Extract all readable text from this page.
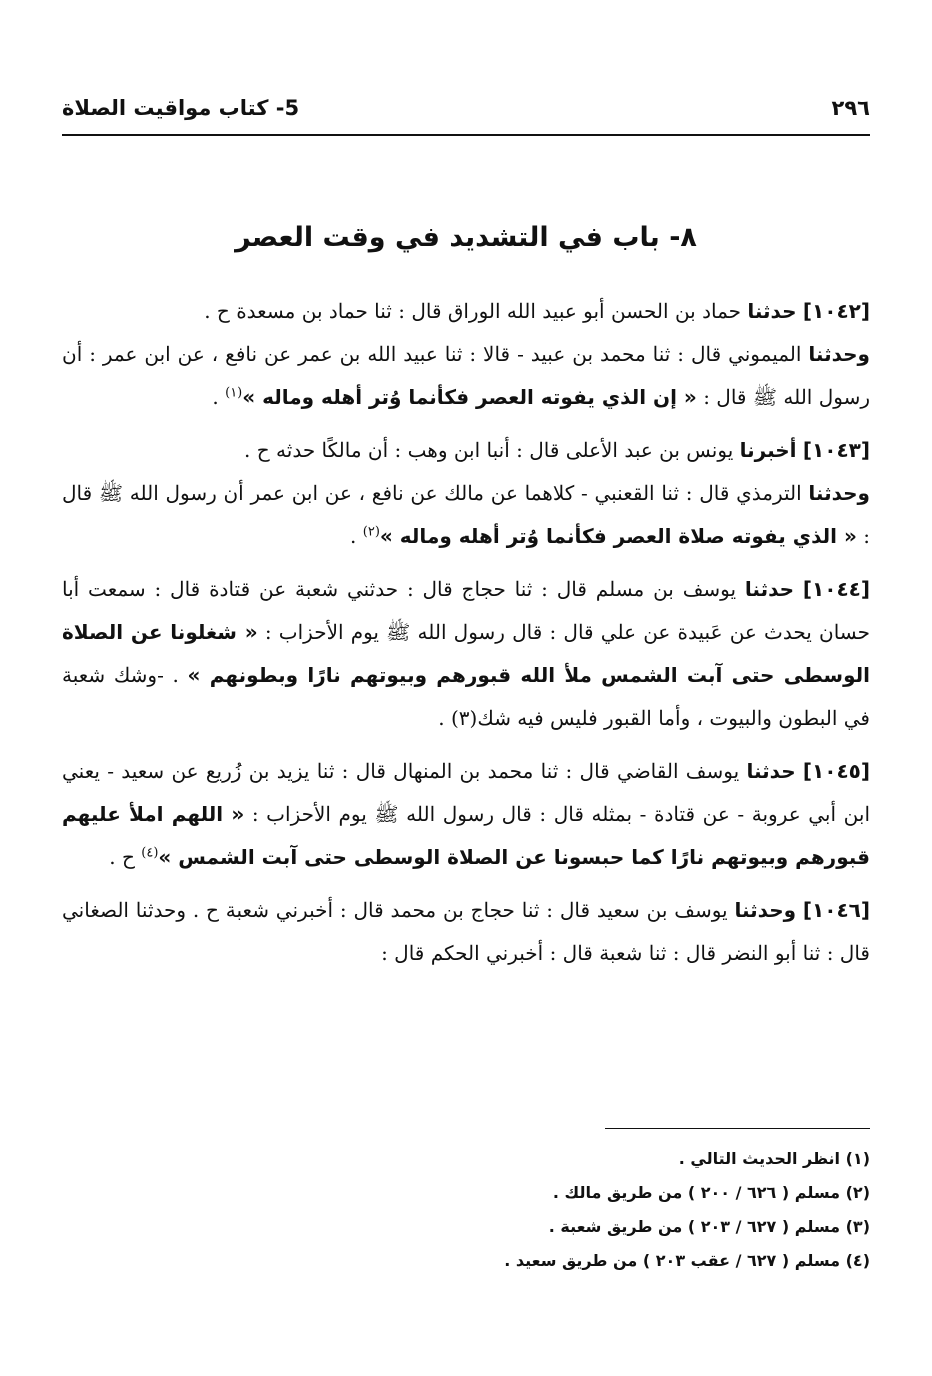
٢٩٦
5- كتاب مواقيت الصلاة
٨- باب في التشديد في وقت العصر

[١٠٤٢] حدثنا حماد بن الحسن أبو عبيد الله الوراق قال : ثنا حماد بن مسعدة ح .

وحدثنا الميموني قال : ثنا محمد بن عبيد - قالا : ثنا عبيد الله بن عمر عن نافع ، عن ابن عمر : أن رسول الله ﷺ قال : « إن الذي يفوته العصر فكأنما وُتر أهله وماله »$^{(١)}$ .

[١٠٤٣] أخبرنا يونس بن عبد الأعلى قال : أنبا ابن وهب : أن مالكًا حدثه ح .

وحدثنا الترمذي قال : ثنا القعنبي - كلاهما عن مالك عن نافع ، عن ابن عمر أن رسول الله ﷺ قال : « الذي يفوته صلاة العصر فكأنما وُتر أهله وماله »$^{(٢)}$ .

[١٠٤٤] حدثنا يوسف بن مسلم قال : ثنا حجاج قال : حدثني شعبة عن قتادة قال : سمعت أبا حسان يحدث عن عَبيدة عن علي قال : قال رسول الله ﷺ يوم الأحزاب : « شغلونا عن الصلاة الوسطى حتى آبت الشمس ملأ الله قبورهم وبيوتهم نارًا وبطونهم » . -وشك شعبة في البطون والبيوت ، وأما القبور فليس فيه شك(٣) .

[١٠٤٥] حدثنا يوسف القاضي قال : ثنا محمد بن المنهال قال : ثنا يزيد بن زُريع عن سعيد - يعني ابن أبي عروبة - عن قتادة - بمثله قال : قال رسول الله ﷺ يوم الأحزاب : « اللهم املأ عليهم قبورهم وبيوتهم نارًا كما حبسونا عن الصلاة الوسطى حتى آبت الشمس »$^{(٤)}$ ح .

[١٠٤٦] وحدثنا يوسف بن سعيد قال : ثنا حجاج بن محمد قال : أخبرني شعبة ح . وحدثنا الصغاني قال : ثنا أبو النضر قال : ثنا شعبة قال : أخبرني الحكم قال :

(١) انظر الحديث التالي .
(٢) مسلم ( ٦٢٦ / ٢٠٠ ) من طريق مالك .
(٣) مسلم ( ٦٢٧ / ٢٠٣ ) من طريق شعبة .
(٤) مسلم ( ٦٢٧ / عقب ٢٠٣ ) من طريق سعيد .
